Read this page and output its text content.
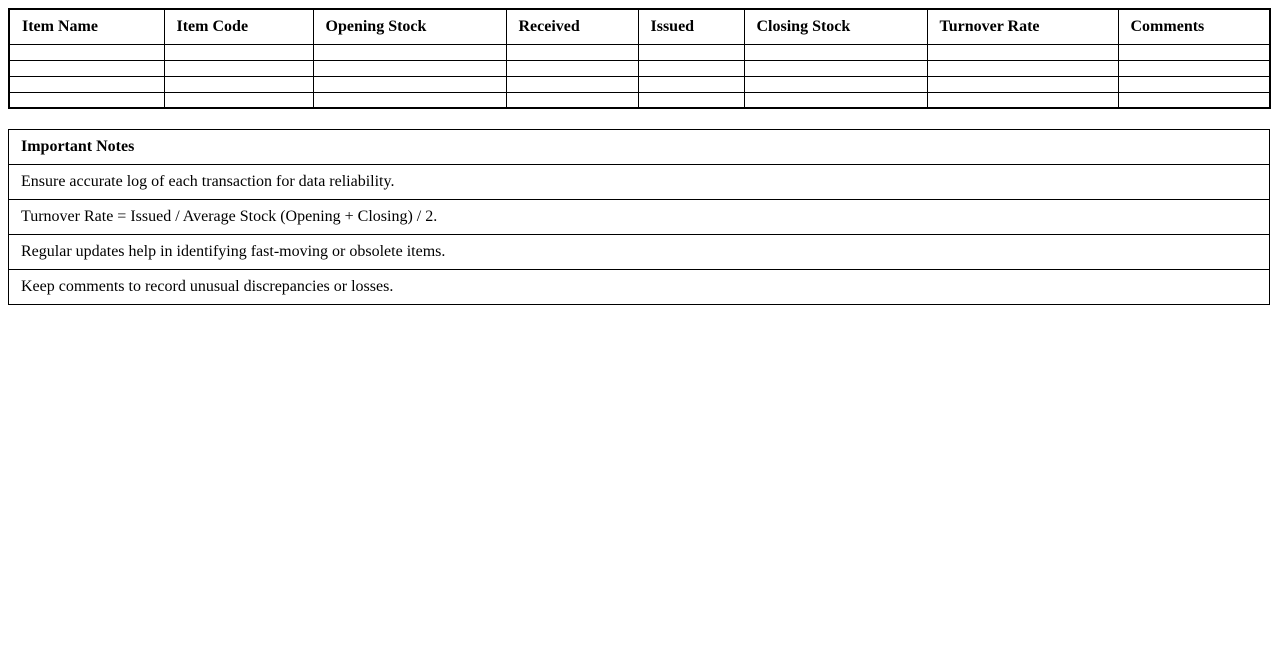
Item Name	Item Code	Opening Stock	Received	Issued	Closing Stock	Turnover Rate	Comments

Important Notes
Ensure accurate log of each transaction for data reliability.
Turnover Rate = Issued / Average Stock (Opening + Closing) / 2.
Regular updates help in identifying fast-moving or obsolete items.
Keep comments to record unusual discrepancies or losses.
